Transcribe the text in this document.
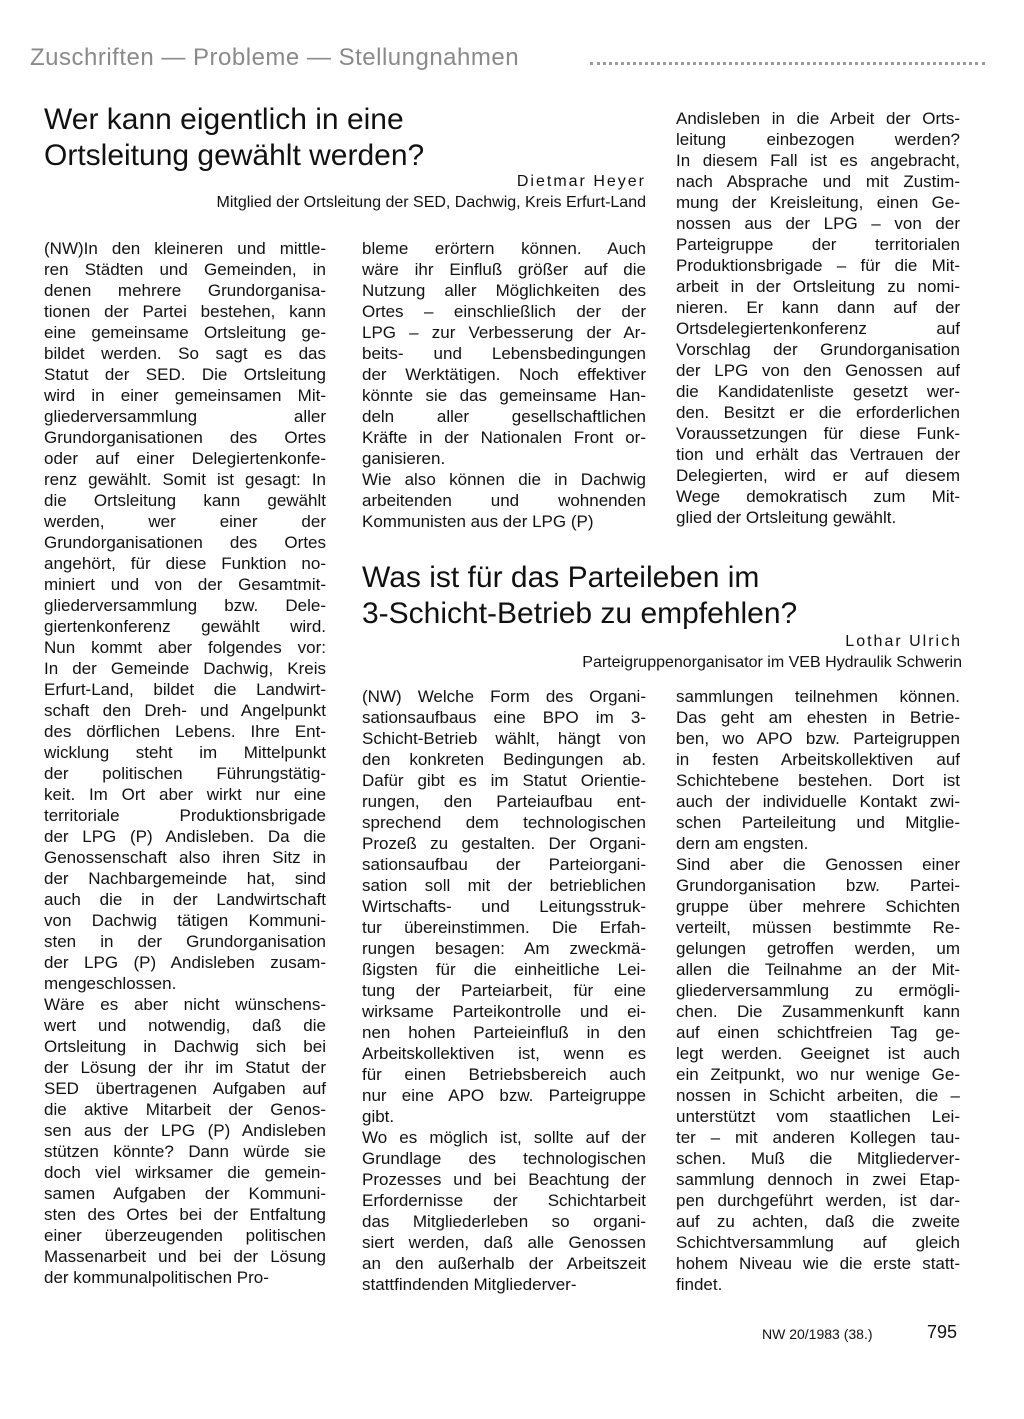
Zuschriften — Probleme — Stellungnahmen
Wer kann eigentlich in eine
Ortsleitung gewählt werden?
Dietmar Heyer
Mitglied der Ortsleitung der SED, Dachwig, Kreis Erfurt-Land
(NW)In den kleineren und mittle-
ren Städten und Gemeinden, in
denen mehrere Grundorganisa-
tionen der Partei bestehen, kann
eine gemeinsame Ortsleitung ge-
bildet werden. So sagt es das
Statut der SED. Die Ortsleitung
wird in einer gemeinsamen Mit-
gliederversammlung aller
Grundorganisationen des Ortes
oder auf einer Delegiertenkonfe-
renz gewählt. Somit ist gesagt: In
die Ortsleitung kann gewählt
werden, wer einer der
Grundorganisationen des Ortes
angehört, für diese Funktion no-
miniert und von der Gesamtmit-
gliederversammlung bzw. Dele-
giertenkonferenz gewählt wird.
Nun kommt aber folgendes vor:
In der Gemeinde Dachwig, Kreis
Erfurt-Land, bildet die Landwirt-
schaft den Dreh- und Angelpunkt
des dörflichen Lebens. Ihre Ent-
wicklung steht im Mittelpunkt
der politischen Führungstätig-
keit. Im Ort aber wirkt nur eine
territoriale Produktionsbrigade
der LPG (P) Andisleben. Da die
Genossenschaft also ihren Sitz in
der Nachbargemeinde hat, sind
auch die in der Landwirtschaft
von Dachwig tätigen Kommuni-
sten in der Grundorganisation
der LPG (P) Andisleben zusam-
mengeschlossen.
Wäre es aber nicht wünschens-
wert und notwendig, daß die
Ortsleitung in Dachwig sich bei
der Lösung der ihr im Statut der
SED übertragenen Aufgaben auf
die aktive Mitarbeit der Genos-
sen aus der LPG (P) Andisleben
stützen könnte? Dann würde sie
doch viel wirksamer die gemein-
samen Aufgaben der Kommuni-
sten des Ortes bei der Entfaltung
einer überzeugenden politischen
Massenarbeit und bei der Lösung
der kommunalpolitischen Pro-
bleme erörtern können. Auch
wäre ihr Einfluß größer auf die
Nutzung aller Möglichkeiten des
Ortes – einschließlich der der
LPG – zur Verbesserung der Ar-
beits- und Lebensbedingungen
der Werktätigen. Noch effektiver
könnte sie das gemeinsame Han-
deln aller gesellschaftlichen
Kräfte in der Nationalen Front or-
ganisieren.
Wie also können die in Dachwig
arbeitenden und wohnenden
Kommunisten aus der LPG (P)
Andisleben in die Arbeit der Orts-
leitung einbezogen werden?
In diesem Fall ist es angebracht,
nach Absprache und mit Zustim-
mung der Kreisleitung, einen Ge-
nossen aus der LPG – von der
Parteigruppe der territorialen
Produktionsbrigade – für die Mit-
arbeit in der Ortsleitung zu nomi-
nieren. Er kann dann auf der
Ortsdelegiertenkonferenz auf
Vorschlag der Grundorganisation
der LPG von den Genossen auf
die Kandidatenliste gesetzt wer-
den. Besitzt er die erforderlichen
Voraussetzungen für diese Funk-
tion und erhält das Vertrauen der
Delegierten, wird er auf diesem
Wege demokratisch zum Mit-
glied der Ortsleitung gewählt.
Was ist für das Parteileben im
3-Schicht-Betrieb zu empfehlen?
Lothar Ulrich
Parteigruppenorganisator im VEB Hydraulik Schwerin
(NW) Welche Form des Organi-
sationsaufbaus eine BPO im 3-
Schicht-Betrieb wählt, hängt von
den konkreten Bedingungen ab.
Dafür gibt es im Statut Orientie-
rungen, den Parteiaufbau ent-
sprechend dem technologischen
Prozeß zu gestalten. Der Organi-
sationsaufbau der Parteiorgani-
sation soll mit der betrieblichen
Wirtschafts- und Leitungsstruk-
tur übereinstimmen. Die Erfah-
rungen besagen: Am zweckmä-
ßigsten für die einheitliche Lei-
tung der Parteiarbeit, für eine
wirksame Parteikontrolle und ei-
nen hohen Parteieinfluß in den
Arbeitskollektiven ist, wenn es
für einen Betriebsbereich auch
nur eine APO bzw. Parteigruppe
gibt.
Wo es möglich ist, sollte auf der
Grundlage des technologischen
Prozesses und bei Beachtung der
Erfordernisse der Schichtarbeit
das Mitgliederleben so organi-
siert werden, daß alle Genossen
an den außerhalb der Arbeitszeit
stattfindenden Mitgliederver-
sammlungen teilnehmen können.
Das geht am ehesten in Betrie-
ben, wo APO bzw. Parteigruppen
in festen Arbeitskollektiven auf
Schichtebene bestehen. Dort ist
auch der individuelle Kontakt zwi-
schen Parteileitung und Mitglie-
dern am engsten.
Sind aber die Genossen einer
Grundorganisation bzw. Partei-
gruppe über mehrere Schichten
verteilt, müssen bestimmte Re-
gelungen getroffen werden, um
allen die Teilnahme an der Mit-
gliederversammlung zu ermögli-
chen. Die Zusammenkunft kann
auf einen schichtfreien Tag ge-
legt werden. Geeignet ist auch
ein Zeitpunkt, wo nur wenige Ge-
nossen in Schicht arbeiten, die –
unterstützt vom staatlichen Lei-
ter – mit anderen Kollegen tau-
schen. Muß die Mitgliederver-
sammlung dennoch in zwei Etap-
pen durchgeführt werden, ist dar-
auf zu achten, daß die zweite
Schichtversammlung auf gleich
hohem Niveau wie die erste statt-
findet.
NW 20/1983 (38.)	795
